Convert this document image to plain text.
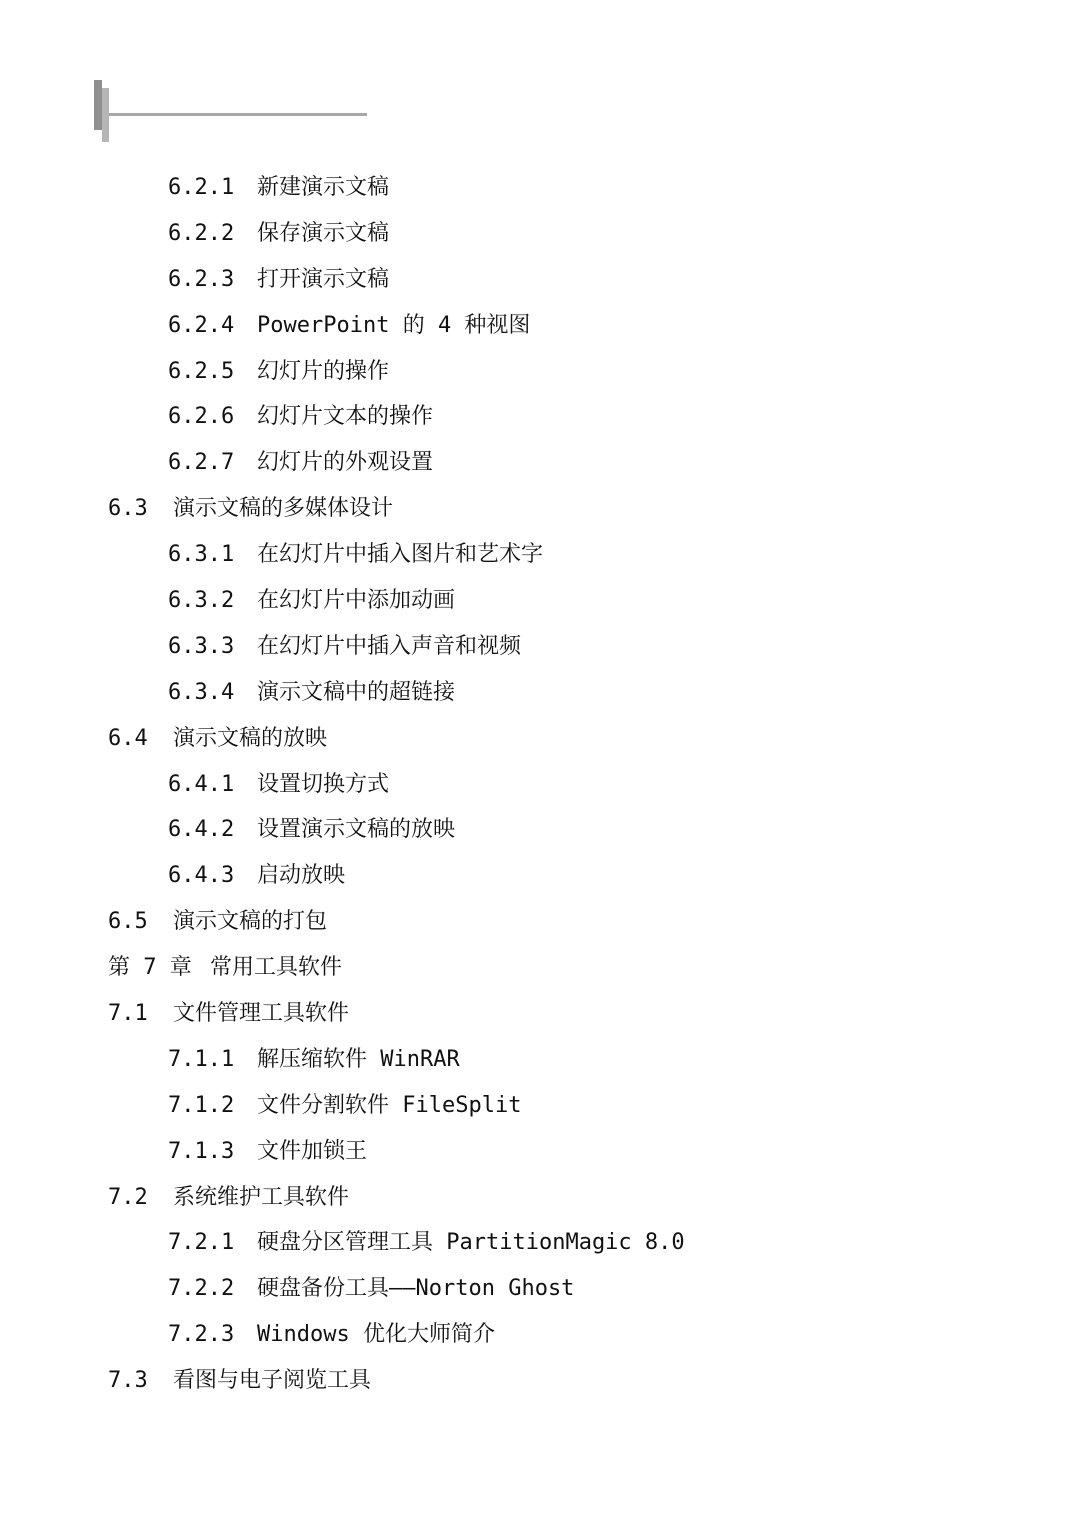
6.2.1 新建演示文稿
6.2.2 保存演示文稿
6.2.3 打开演示文稿
6.2.4 PowerPoint 的 4 种视图
6.2.5 幻灯片的操作
6.2.6 幻灯片文本的操作
6.2.7 幻灯片的外观设置
6.3 演示文稿的多媒体设计
6.3.1 在幻灯片中插入图片和艺术字
6.3.2 在幻灯片中添加动画
6.3.3 在幻灯片中插入声音和视频
6.3.4 演示文稿中的超链接
6.4 演示文稿的放映
6.4.1 设置切换方式
6.4.2 设置演示文稿的放映
6.4.3 启动放映
6.5 演示文稿的打包
第 7 章 常用工具软件
7.1 文件管理工具软件
7.1.1 解压缩软件 WinRAR
7.1.2 文件分割软件 FileSplit
7.1.3 文件加锁王
7.2 系统维护工具软件
7.2.1 硬盘分区管理工具 PartitionMagic 8.0
7.2.2 硬盘备份工具——Norton Ghost
7.2.3 Windows 优化大师简介
7.3 看图与电子阅览工具
